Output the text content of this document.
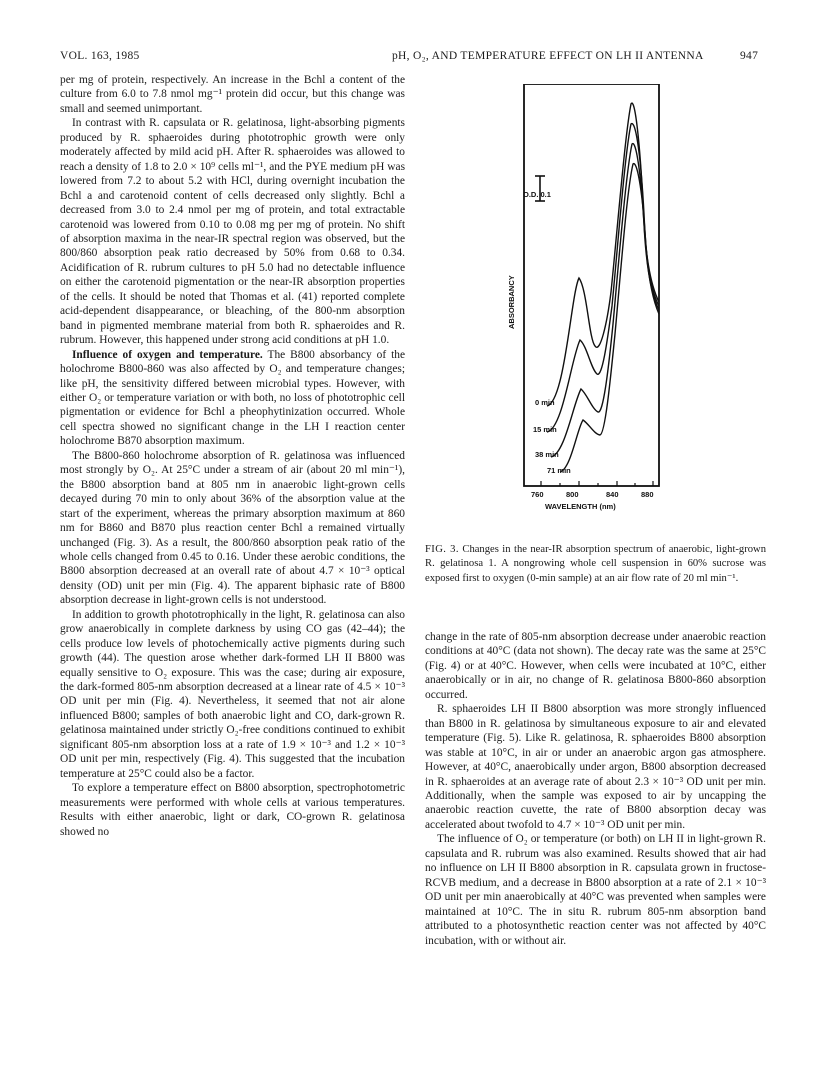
VOL. 163, 1985	pH, O₂, AND TEMPERATURE EFFECT ON LH II ANTENNA	947

per mg of protein, respectively. An increase in the Bchl a content of the culture from 6.0 to 7.8 nmol mg⁻¹ protein did occur, but this change was small and seemed unimportant.

In contrast with R. capsulata or R. gelatinosa, light-absorbing pigments produced by R. sphaeroides during phototrophic growth were only moderately affected by mild acid pH. After R. sphaeroides was allowed to reach a density of 1.8 to 2.0 × 10⁹ cells ml⁻¹, and the PYE medium pH was lowered from 7.2 to about 5.2 with HCl, during overnight incubation the Bchl a and carotenoid content of cells decreased only slightly. Bchl a decreased from 3.0 to 2.4 nmol per mg of protein, and total extractable carotenoid was lowered from 0.10 to 0.08 mg per mg of protein. No shift of absorption maxima in the near-IR spectral region was observed, but the 800/860 absorption peak ratio decreased by 50% from 0.68 to 0.34. Acidification of R. rubrum cultures to pH 5.0 had no detectable influence on either the carotenoid pigmentation or the near-IR absorption properties of the cells. It should be noted that Thomas et al. (41) reported complete acid-dependent disappearance, or bleaching, of the 800-nm absorption band in pigmented membrane material from both R. sphaeroides and R. rubrum. However, this happened under strong acid conditions at pH 1.0.

Influence of oxygen and temperature. The B800 absorbancy of the holochrome B800-860 was also affected by O₂ and temperature changes; like pH, the sensitivity differed between microbial types. However, with either O₂ or temperature variation or with both, no loss of phototrophic cell pigmentation or evidence for Bchl a pheophytinization occurred. Whole cell spectra showed no significant change in the LH I reaction center holochrome B870 absorption maximum.

The B800-860 holochrome absorption of R. gelatinosa was influenced most strongly by O₂. At 25°C under a stream of air (about 20 ml min⁻¹), the B800 absorption band at 805 nm in anaerobic light-grown cells decayed during 70 min to only about 36% of the absorption value at the start of the experiment, whereas the primary absorption maximum at 860 nm for B860 and B870 plus reaction center Bchl a remained virtually unchanged (Fig. 3). As a result, the 800/860 absorption peak ratio of the whole cells changed from 0.45 to 0.16. Under these aerobic conditions, the B800 absorption decreased at an overall rate of about 4.7 × 10⁻³ optical density (OD) unit per min (Fig. 4). The apparent biphasic rate of B800 absorption decrease in light-grown cells is not understood.

In addition to growth phototrophically in the light, R. gelatinosa can also grow anaerobically in complete darkness by using CO gas (42–44); the cells produce low levels of photochemically active pigments during such growth (44). The question arose whether dark-formed LH II B800 was equally sensitive to O₂ exposure. This was the case; during air exposure, the dark-formed 805-nm absorption decreased at a linear rate of 4.5 × 10⁻³ OD unit per min (Fig. 4). Nevertheless, it seemed that not air alone influenced B800; samples of both anaerobic light and CO, dark-grown R. gelatinosa maintained under strictly O₂-free conditions continued to exhibit significant 805-nm absorption loss at a rate of 1.9 × 10⁻³ and 1.2 × 10⁻³ OD unit per min, respectively (Fig. 4). This suggested that the incubation temperature at 25°C could also be a factor.

To explore a temperature effect on B800 absorption, spectrophotometric measurements were performed with whole cells at various temperatures. Results with either anaerobic, light or dark, CO-grown R. gelatinosa showed no

ABSORBANCY
O.D. 0.1
WAVELENGTH (nm)
760	800	840	880
0 min
15 min
38 min
71 min
FIG. 3. Changes in the near-IR absorption spectrum of anaerobic, light-grown R. gelatinosa 1. A nongrowing whole cell suspension in 60% sucrose was exposed first to oxygen (0-min sample) at an air flow rate of 20 ml min⁻¹.

change in the rate of 805-nm absorption decrease under anaerobic reaction conditions at 40°C (data not shown). The decay rate was the same at 25°C (Fig. 4) or at 40°C. However, when cells were incubated at 10°C, either anaerobically or in air, no change of R. gelatinosa B800-860 absorption occurred.

R. sphaeroides LH II B800 absorption was more strongly influenced than B800 in R. gelatinosa by simultaneous exposure to air and elevated temperature (Fig. 5). Like R. gelatinosa, R. sphaeroides B800 absorption was stable at 10°C, in air or under an anaerobic argon gas atmosphere. However, at 40°C, anaerobically under argon, B800 absorption decreased in R. sphaeroides at an average rate of about 2.3 × 10⁻³ OD unit per min. Additionally, when the sample was exposed to air by uncapping the anaerobic reaction cuvette, the rate of B800 absorption decay was accelerated about twofold to 4.7 × 10⁻³ OD unit per min.

The influence of O₂ or temperature (or both) on LH II in light-grown R. capsulata and R. rubrum was also examined. Results showed that air had no influence on LH II B800 absorption in R. capsulata grown in fructose-RCVB medium, and a decrease in B800 absorption at a rate of 2.1 × 10⁻³ OD unit per min anaerobically at 40°C was prevented when samples were maintained at 10°C. The in situ R. rubrum 805-nm absorption band attributed to a photosynthetic reaction center was not affected by 40°C incubation, with or without air.
